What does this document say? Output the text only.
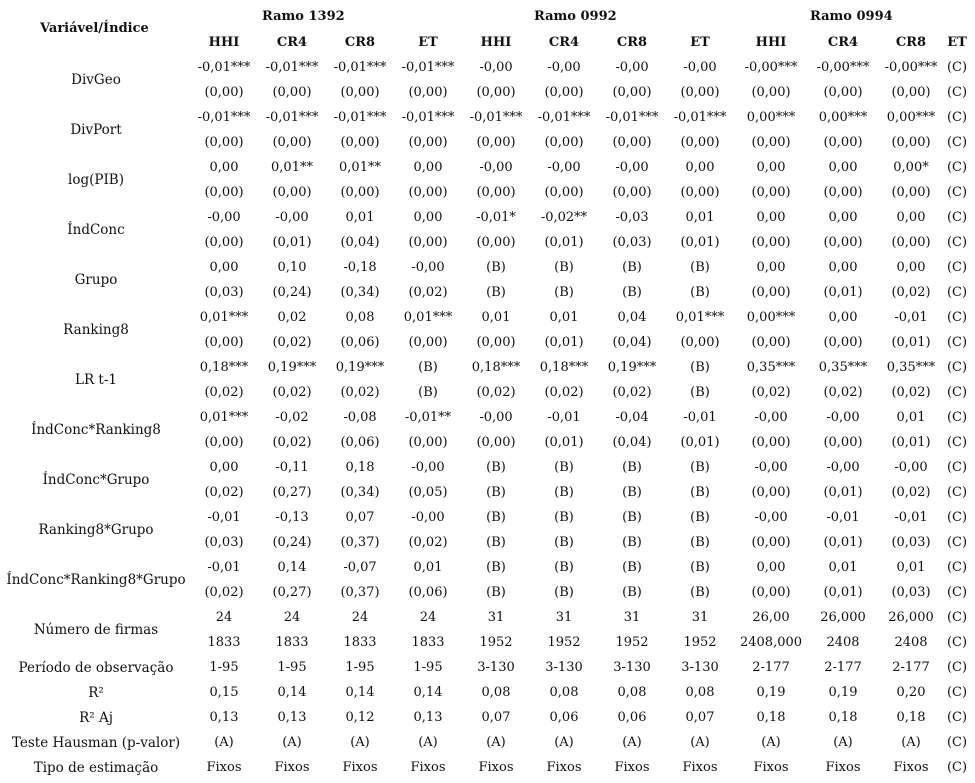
Variável/Índice
Ramo 1392	Ramo 0992	Ramo 0994
HHI	CR4	CR8	ET	HHI	CR4	CR8	ET	HHI	CR4	CR8 ET
DivGeo
-0,01*** -0,01*** -0,01*** -0,01*** -0,00	-0,00	-0,00	-0,00 -0,00*** -0,00*** -0,00*** (C)
(0,00) (0,00) (0,00) (0,00) (0,00) (0,00) (0,00) (0,00) (0,00)	(0,00) (0,00) (C)
DivPort
-0,01*** -0,01*** -0,01*** -0,01*** -0,01*** -0,01*** -0,01*** -0,01*** 0,00*** 0,00*** 0,00*** (C)
(0,00) (0,00) (0,00) (0,00) (0,00) (0,00) (0,00) (0,00) (0,00)	(0,00) (0,00) (C)
log(PIB)
0,00	0,01** 0,01**	0,00	-0,00	-0,00	-0,00	0,00	0,00	0,00	0,00* (C)
(0,00) (0,00) (0,00) (0,00) (0,00) (0,00) (0,00) (0,00) (0,00)	(0,00) (0,00) (C)
ÍndConc
-0,00	-0,00	0,01	0,00	-0,01* -0,02** -0,03	0,01	0,00	0,00	0,00 (C)
(0,00) (0,01) (0,04) (0,00) (0,00) (0,01) (0,03) (0,01) (0,00)	(0,00) (0,00) (C)
Grupo
0,00	0,10	-0,18	-0,00	(B)	(B)	(B)	(B)	0,00	0,00	0,00 (C)
(0,03) (0,24) (0,34) (0,02)	(B)	(B)	(B)	(B)	(0,00)	(0,01) (0,02) (C)
Ranking8
0,01*** 0,02	0,08 0,01*** 0,01	0,01	0,04 0,01*** 0,00***	0,00	-0,01 (C)
(0,00) (0,02) (0,06) (0,00) (0,00) (0,01) (0,04) (0,00) (0,00)	(0,00) (0,01) (C)
LR t-1
0,18*** 0,19*** 0,19***	(B)	0,18*** 0,18*** 0,19***	(B)	0,35*** 0,35*** 0,35*** (C)
(0,02) (0,02) (0,02)	(B)	(0,02) (0,02) (0,02)	(B)	(0,02)	(0,02) (0,02) (C)
ÍndConc*Ranking8
0,01*** -0,02	-0,08 -0,01** -0,00	-0,01	-0,04	-0,01	-0,00	-0,00	0,01 (C)
(0,00) (0,02) (0,06) (0,00) (0,00) (0,01) (0,04) (0,01) (0,00)	(0,00) (0,01) (C)
ÍndConc*Grupo
0,00	-0,11	0,18	-0,00	(B)	(B)	(B)	(B)	-0,00	-0,00	-0,00 (C)
(0,02) (0,27) (0,34) (0,05)	(B)	(B)	(B)	(B)	(0,00)	(0,01) (0,02) (C)
Ranking8*Grupo
-0,01	-0,13	0,07	-0,00	(B)	(B)	(B)	(B)	-0,00	-0,01	-0,01 (C)
(0,03) (0,24) (0,37) (0,02)	(B)	(B)	(B)	(B)	(0,00)	(0,01) (0,03) (C)
ÍndConc*Ranking8*Grupo
-0,01	0,14	-0,07	0,01	(B)	(B)	(B)	(B)	0,00	0,01	0,01 (C)
(0,02) (0,27) (0,37) (0,06)	(B)	(B)	(B)	(B)	(0,00)	(0,01) (0,03) (C)
Número de firmas
24	24	24	24	31	31	31	31	26,00 26,000 26,000 (C)
1833	1833	1833	1833	1952	1952	1952	1952 2408,000 2408	2408 (C)
Período de observação	1-95	1-95	1-95	1-95	3-130 3-130 3-130 3-130	2-177	2-177 2-177 (C)
R²	0,15	0,14	0,14	0,14	0,08	0,08	0,08	0,08	0,19	0,19	0,20 (C)
R² Aj	0,13	0,13	0,12	0,13	0,07	0,06	0,06	0,07	0,18	0,18	0,18 (C)
Teste Hausman (p-valor)	(A)	(A)	(A)	(A)	(A)	(A)	(A)	(A)	(A)	(A)	(A) (C)
Tipo de estimação	Fixos	Fixos	Fixos	Fixos	Fixos	Fixos	Fixos	Fixos	Fixos	Fixos	Fixos (C)
